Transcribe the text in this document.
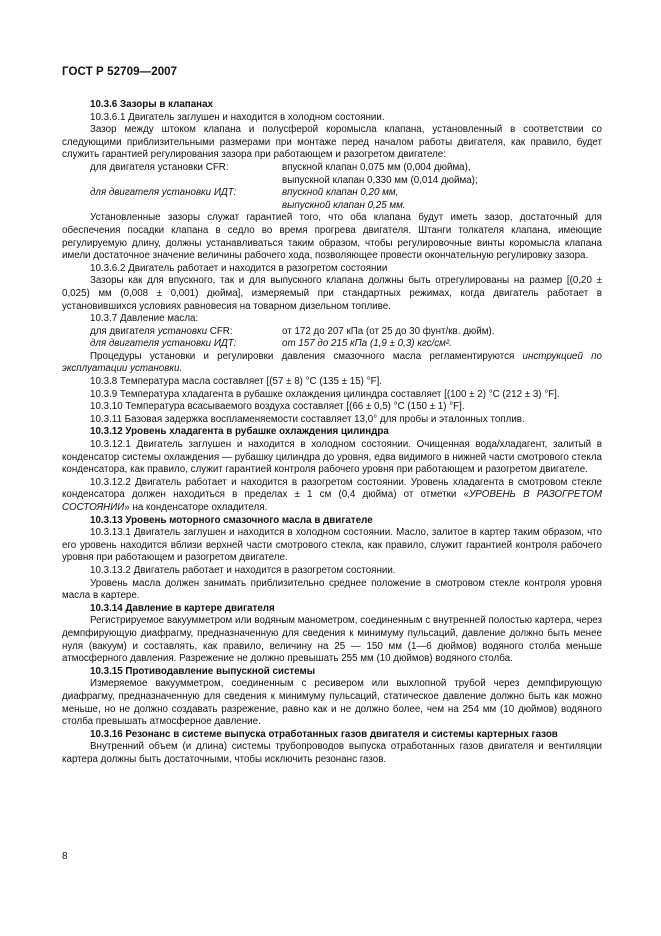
ГОСТ Р 52709—2007

10.3.6 Зазоры в клапанах

10.3.6.1 Двигатель заглушен и находится в холодном состоянии.

Зазор между штоком клапана и полусферой коромысла клапана, установленный в соответствии со следующими приблизительными размерами при монтаже перед началом работы двигателя, как правило, будет служить гарантией регулирования зазора при работающем и разогретом двигателе:

для двигателя установки CFR:	впускной клапан 0,075 мм (0,004 дюйма),
выпускной клапан 0,330 мм (0,014 дюйма);
для двигателя установки ИДТ:	впускной клапан 0,20 мм,
выпускной клапан 0,25 мм.

Установленные зазоры служат гарантией того, что оба клапана будут иметь зазор, достаточный для обеспечения посадки клапана в седло во время прогрева двигателя. Штанги толкателя клапана, имеющие регулируемую длину, должны устанавливаться таким образом, чтобы регулировочные винты коромысла клапана имели достаточное значение величины рабочего хода, позволяющее провести окончательную регулировку зазора.

10.3.6.2 Двигатель работает и находится в разогретом состоянии

Зазоры как для впускного, так и для выпускного клапана должны быть отрегулированы на размер [(0,20 ± 0,025) мм (0,008 ± 0,001) дюйма], измеряемый при стандартных режимах, когда двигатель работает в установившихся условиях равновесия на товарном дизельном топливе.

10.3.7 Давление масла:

для двигателя установки CFR:	от 172 до 207 кПа (от 25 до 30 фунт/кв. дюйм).
для двигателя установки ИДТ:	от 157 до 215 кПа (1,9 ± 0,3) кгс/см².

Процедуры установки и регулировки давления смазочного масла регламентируются инструкцией по эксплуатации установки.

10.3.8 Температура масла составляет [(57 ± 8) °С (135 ± 15) °F].

10.3.9 Температура хладагента в рубашке охлаждения цилиндра составляет [(100 ± 2) °С (212 ± 3) °F].

10.3.10 Температура всасываемого воздуха составляет [(66 ± 0,5) °С (150 ± 1) °F].

10.3.11 Базовая задержка воспламеняемости составляет 13,0° для пробы и эталонных топлив.

10.3.12 Уровень хладагента в рубашке охлаждения цилиндра

10.3.12.1 Двигатель заглушен и находится в холодном состоянии. Очищенная вода/хладагент, залитый в конденсатор системы охлаждения — рубашку цилиндра до уровня, едва видимого в нижней части смотрового стекла конденсатора, как правило, служит гарантией контроля рабочего уровня при работающем и разогретом двигателе.

10.3.12.2 Двигатель работает и находится в разогретом состоянии. Уровень хладагента в смотровом стекле конденсатора должен находиться в пределах ± 1 см (0,4 дюйма) от отметки «УРОВЕНЬ В РАЗОГРЕТОМ СОСТОЯНИИ» на конденсаторе охладителя.

10.3.13 Уровень моторного смазочного масла в двигателе

10.3.13.1 Двигатель заглушен и находится в холодном состоянии. Масло, залитое в картер таким образом, что его уровень находится вблизи верхней части смотрового стекла, как правило, служит гарантией контроля рабочего уровня при работающем и разогретом двигателе.

10.3.13.2 Двигатель работает и находится в разогретом состоянии.

Уровень масла должен занимать приблизительно среднее положение в смотровом стекле контроля уровня масла в картере.

10.3.14 Давление в картере двигателя

Регистрируемое вакуумметром или водяным манометром, соединенным с внутренней полостью картера, через демпфирующую диафрагму, предназначенную для сведения к минимуму пульсаций, давление должно быть менее нуля (вакуум) и составлять, как правило, величину на 25 — 150 мм (1—6 дюймов) водяного столба меньше атмосферного давления. Разрежение не должно превышать 255 мм (10 дюймов) водяного столба.

10.3.15 Противодавление выпускной системы

Измеряемое вакуумметром, соединенным с ресивером или выхлопной трубой через демпфирующую диафрагму, предназначенную для сведения к минимуму пульсаций, статическое давление должно быть как можно меньше, но не должно создавать разрежение, равно как и не должно более, чем на 254 мм (10 дюймов) водяного столба превышать атмосферное давление.

10.3.16 Резонанс в системе выпуска отработанных газов двигателя и системы картерных газов

Внутренний объем (и длина) системы трубопроводов выпуска отработанных газов двигателя и вентиляции картера должны быть достаточными, чтобы исключить резонанс газов.

8
